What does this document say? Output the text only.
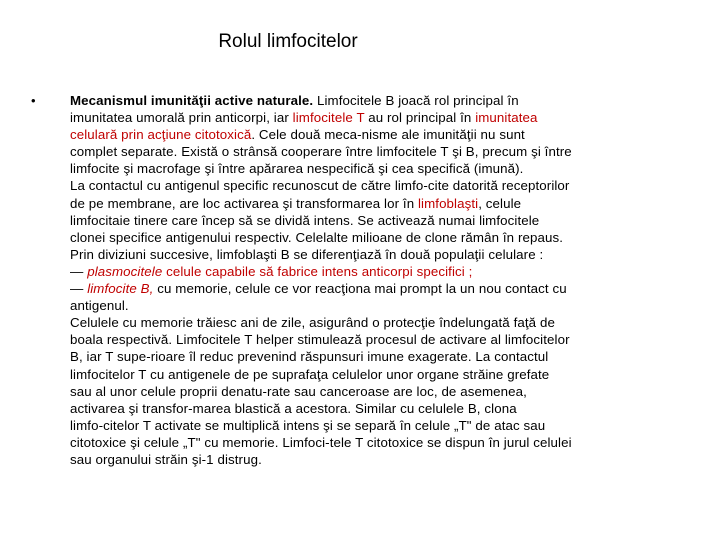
Rolul limfocitelor
•	Mecanismul imunităţii active naturale. Limfocitele B joacă rol principal în
imunitatea umorală prin anticorpi, iar limfocitele T au rol principal în imunitatea
celulară prin acţiune citotoxică. Cele două meca-nisme ale imunităţii nu sunt
complet separate. Există o strânsă cooperare între limfocitele T şi B, precum şi între
limfocite şi macrofage şi între apărarea nespecifică şi cea specifică (imună).
La contactul cu antigenul specific recunoscut de către limfo-cite datorită receptorilor
de pe membrane, are loc activarea şi transformarea lor în limfoblaşti, celule
limfocitaie tinere care încep să se dividă intens. Se activează numai limfocitele
clonei specifice antigenului respectiv. Celelalte milioane de clone rămân în repaus.
Prin diviziuni succesive, limfoblaşti B se diferenţiază în două populaţii celulare :
— plasmocitele celule capabile să fabrice intens anticorpi specifici ;
— limfocite B, cu memorie, celule ce vor reacţiona mai prompt la un nou contact cu
antigenul.
Celulele cu memorie trăiesc ani de zile, asigurând o protecţie îndelungată faţă de
boala respectivă. Limfocitele T helper stimulează procesul de activare al limfocitelor
B, iar T supe-rioare îl reduc prevenind răspunsuri imune exagerate. La contactul
limfocitelor T cu antigenele de pe suprafaţa celulelor unor organe străine grefate
sau al unor celule proprii denatu-rate sau canceroase are loc, de asemenea,
activarea şi transfor-marea blastică a acestora. Similar cu celulele B, clona
limfo-citelor T activate se multiplică intens şi se separă în celule „T" de atac sau
citotoxice şi celule „T" cu memorie. Limfoci-tele T citotoxice se dispun în jurul celulei
sau organului străin şi-1 distrug.
